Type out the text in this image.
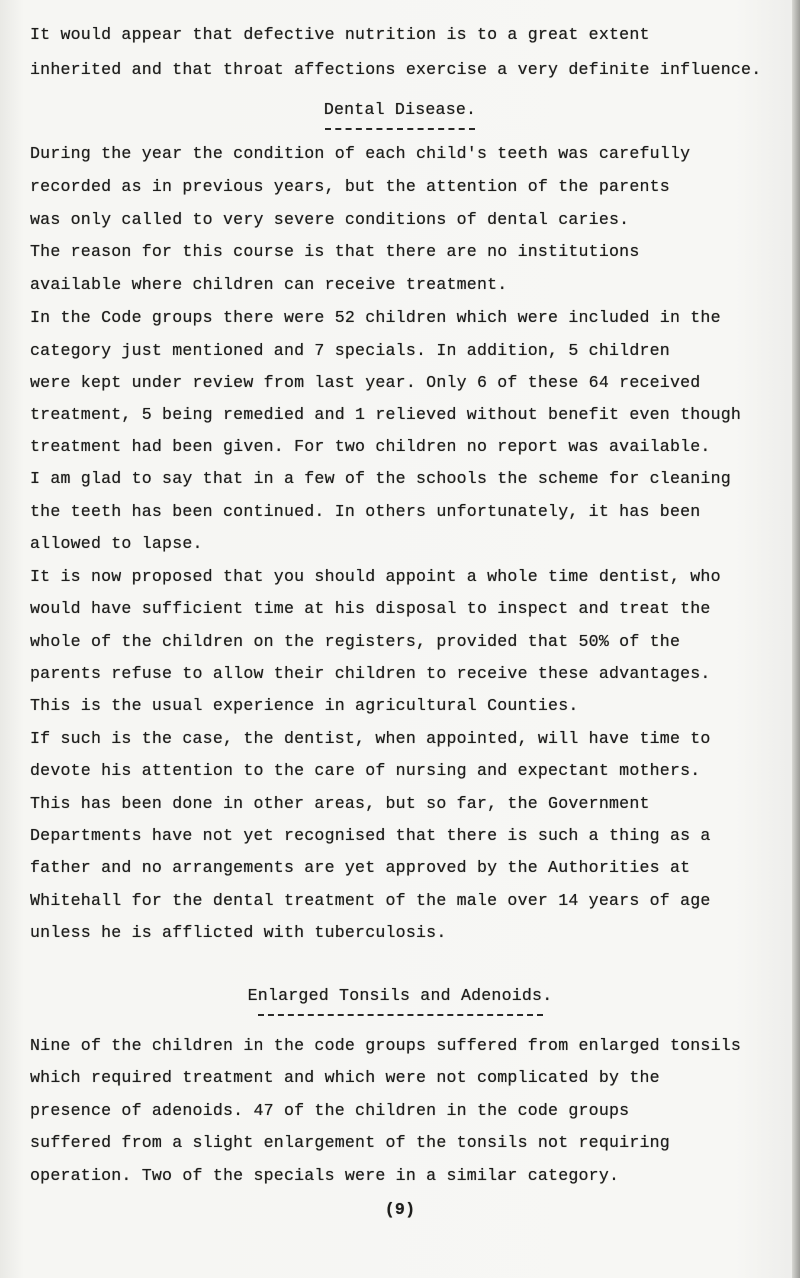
It would appear that defective nutrition is to a great extent
inherited and that throat affections exercise a very definite influence.
Dental Disease.
During the year the condition of each child's teeth was carefully
recorded as in previous years, but the attention of the parents
was only called to very severe conditions of dental caries.
The reason for this course is that there are no institutions
available where children can receive treatment.
In the Code groups there were 52 children which were included in the
category just mentioned and 7 specials. In addition, 5 children
were kept under review from last year. Only 6 of these 64 received
treatment, 5 being remedied and 1 relieved without benefit even though
treatment had been given. For two children no report was available.
I am glad to say that in a few of the schools the scheme for cleaning
the teeth has been continued. In others unfortunately, it has been
allowed to lapse.
It is now proposed that you should appoint a whole time dentist, who
would have sufficient time at his disposal to inspect and treat the
whole of the children on the registers, provided that 50% of the
parents refuse to allow their children to receive these advantages.
This is the usual experience in agricultural Counties.
If such is the case, the dentist, when appointed, will have time to
devote his attention to the care of nursing and expectant mothers.
This has been done in other areas, but so far, the Government
Departments have not yet recognised that there is such a thing as a
father and no arrangements are yet approved by the Authorities at
Whitehall for the dental treatment of the male over 14 years of age
unless he is afflicted with tuberculosis.
Enlarged Tonsils and Adenoids.
Nine of the children in the code groups suffered from enlarged tonsils
which required treatment and which were not complicated by the
presence of adenoids. 47 of the children in the code groups
suffered from a slight enlargement of the tonsils not requiring
operation. Two of the specials were in a similar category.
(9)
